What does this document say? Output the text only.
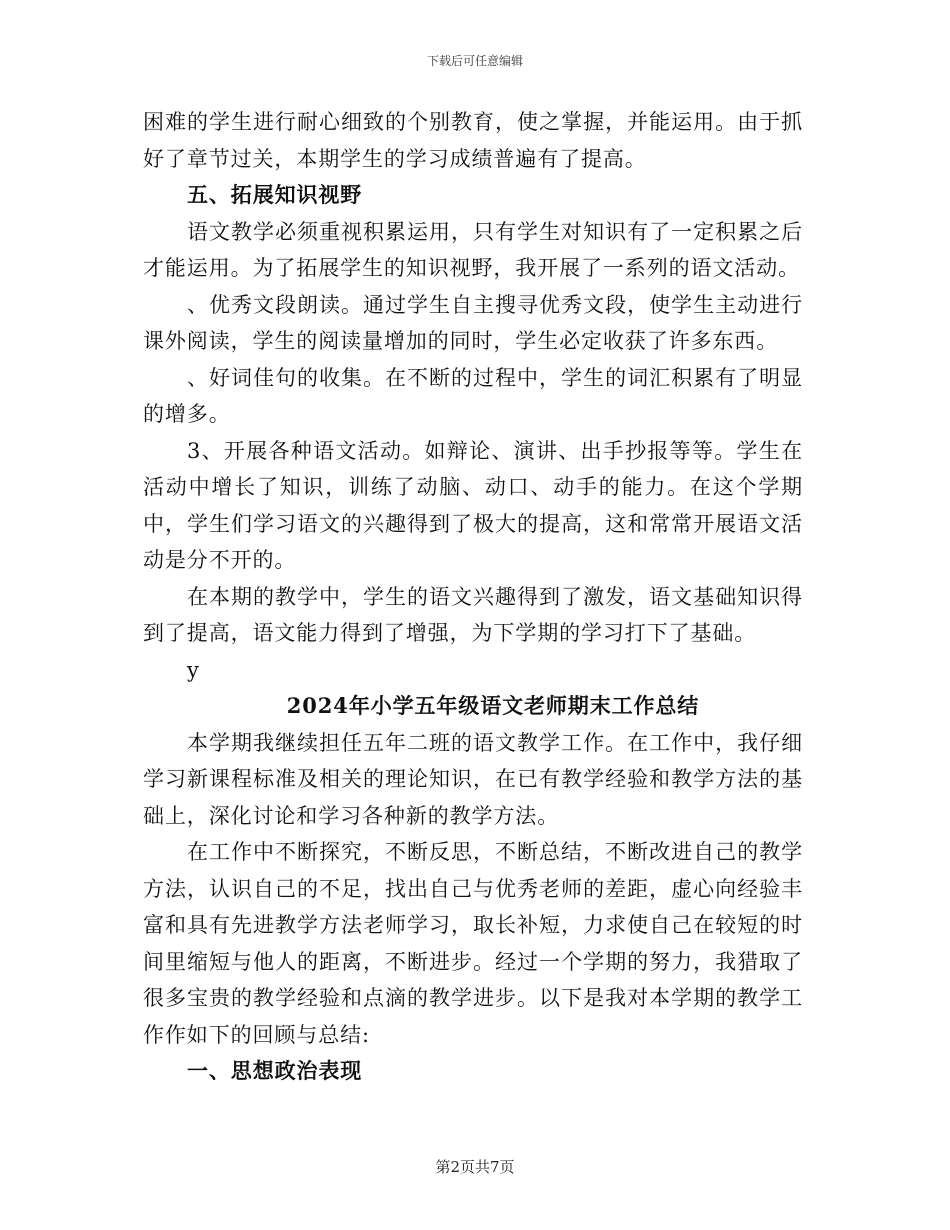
下载后可任意编辑

困难的学生进行耐心细致的个别教育，使之掌握，并能运用。由于抓好了章节过关，本期学生的学习成绩普遍有了提高。

五、拓展知识视野

语文教学必须重视积累运用，只有学生对知识有了一定积累之后才能运用。为了拓展学生的知识视野，我开展了一系列的语文活动。

、优秀文段朗读。通过学生自主搜寻优秀文段，使学生主动进行课外阅读，学生的阅读量增加的同时，学生必定收获了许多东西。

、好词佳句的收集。在不断的过程中，学生的词汇积累有了明显的增多。

3、开展各种语文活动。如辩论、演讲、出手抄报等等。学生在活动中增长了知识，训练了动脑、动口、动手的能力。在这个学期中，学生们学习语文的兴趣得到了极大的提高，这和常常开展语文活动是分不开的。

在本期的教学中，学生的语文兴趣得到了激发，语文基础知识得到了提高，语文能力得到了增强，为下学期的学习打下了基础。

y

2024年小学五年级语文老师期末工作总结

本学期我继续担任五年二班的语文教学工作。在工作中，我仔细学习新课程标准及相关的理论知识，在已有教学经验和教学方法的基础上，深化讨论和学习各种新的教学方法。

在工作中不断探究，不断反思，不断总结，不断改进自己的教学方法，认识自己的不足，找出自己与优秀老师的差距，虚心向经验丰富和具有先进教学方法老师学习，取长补短，力求使自己在较短的时间里缩短与他人的距离，不断进步。经过一个学期的努力，我猎取了很多宝贵的教学经验和点滴的教学进步。以下是我对本学期的教学工作作如下的回顾与总结:

一、思想政治表现

第2页共7页
